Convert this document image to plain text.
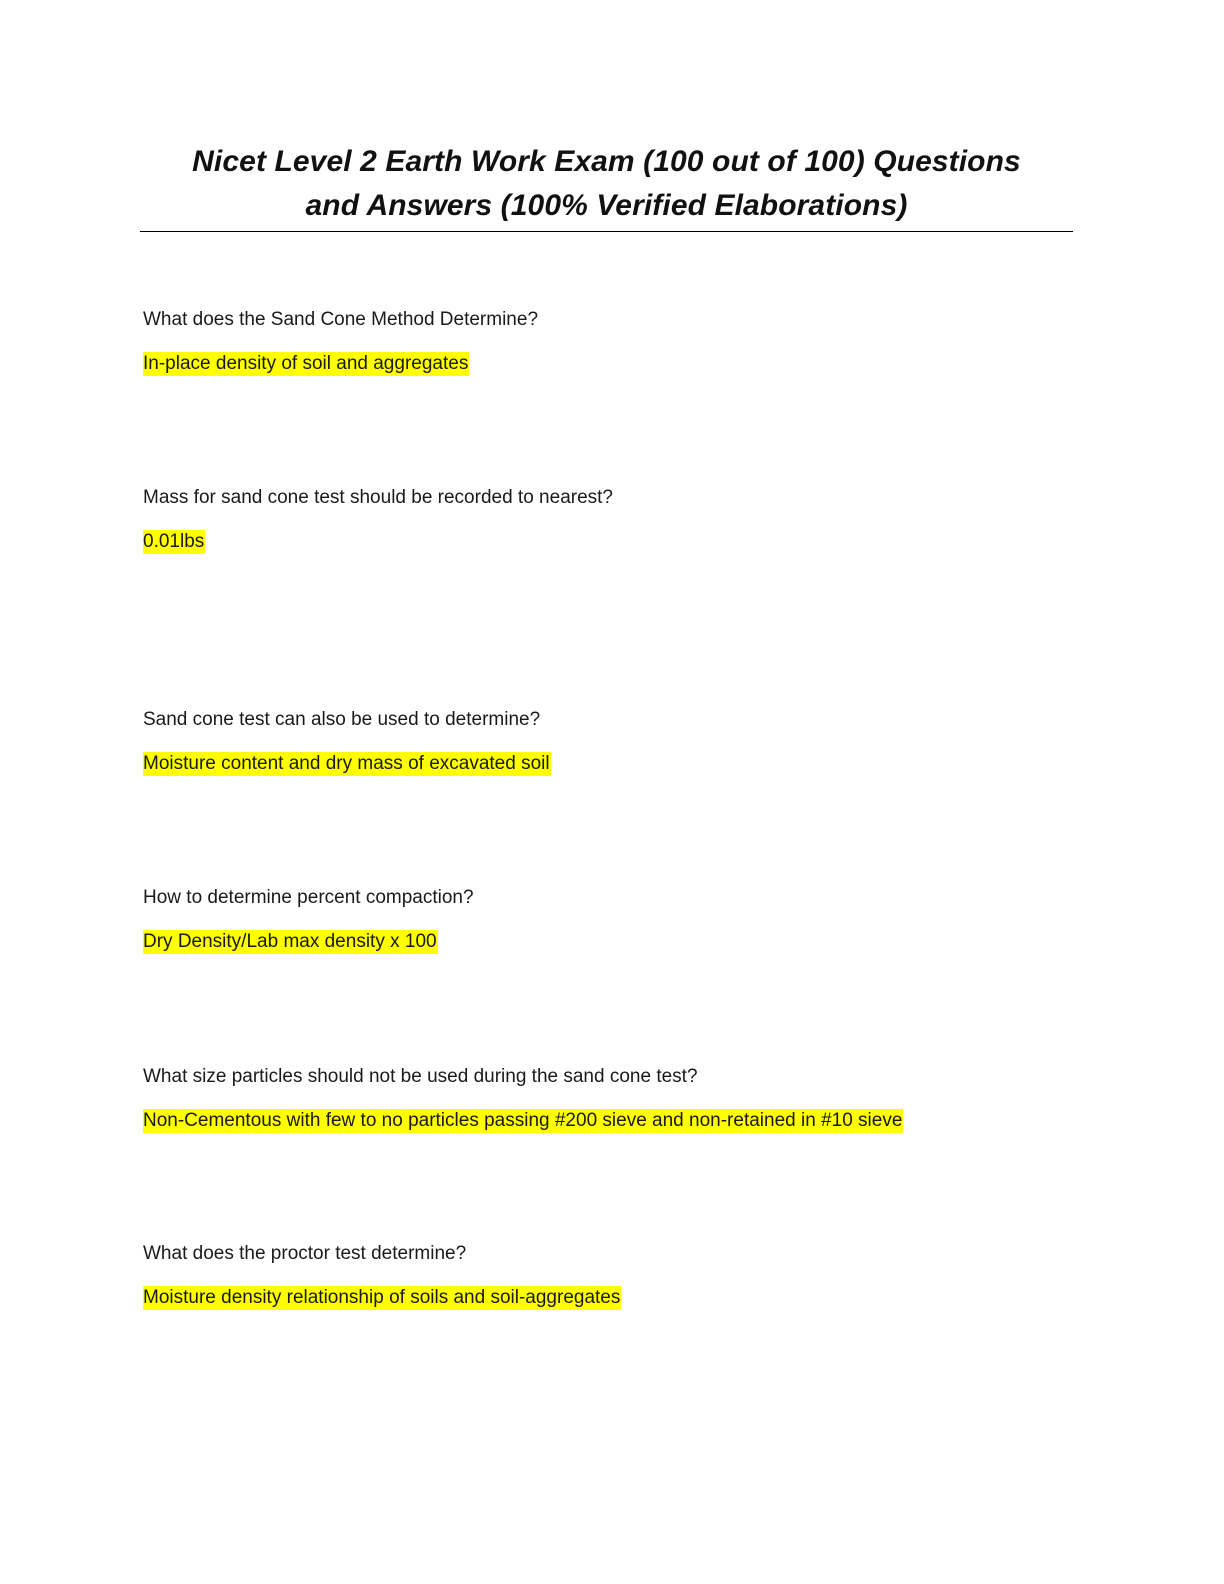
Nicet Level 2 Earth Work Exam (100 out of 100) Questions
and Answers (100% Verified Elaborations)
What does the Sand Cone Method Determine?
In-place density of soil and aggregates
Mass for sand cone test should be recorded to nearest?
0.01lbs
Sand cone test can also be used to determine?
Moisture content and dry mass of excavated soil
How to determine percent compaction?
Dry Density/Lab max density x 100
What size particles should not be used during the sand cone test?
Non-Cementous with few to no particles passing #200 sieve and non-retained in #10 sieve
What does the proctor test determine?
Moisture density relationship of soils and soil-aggregates
